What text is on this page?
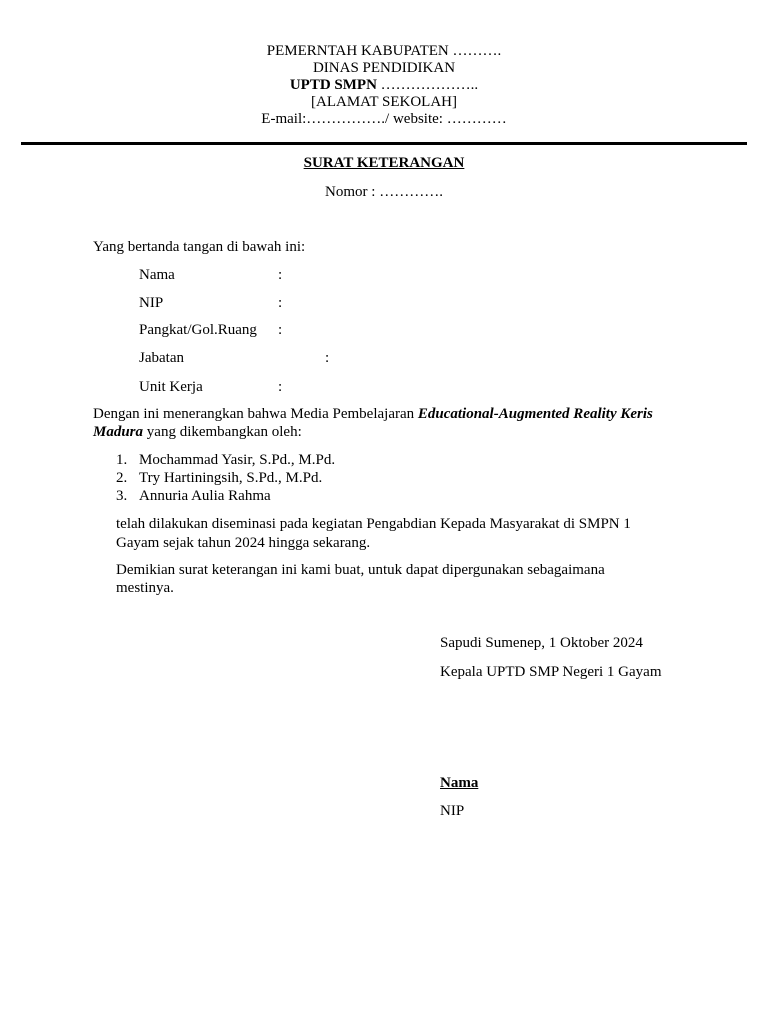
PEMERNTAH KABUPATEN ……….
DINAS PENDIDIKAN
UPTD SMPN ………………..
[ALAMAT SEKOLAH]
E-mail:……………./ website: …………
SURAT KETERANGAN
Nomor : ………….
Yang bertanda tangan di bawah ini:
Nama	:
NIP	:
Pangkat/Gol.Ruang :
Jabatan	:
Unit Kerja	:
Dengan ini menerangkan bahwa Media Pembelajaran Educational-Augmented Reality Keris
Madura yang dikembangkan oleh:
1. Mochammad Yasir, S.Pd., M.Pd.
2. Try Hartiningsih, S.Pd., M.Pd.
3. Annuria Aulia Rahma
telah dilakukan diseminasi pada kegiatan Pengabdian Kepada Masyarakat di SMPN 1
Gayam sejak tahun 2024 hingga sekarang.
Demikian surat keterangan ini kami buat, untuk dapat dipergunakan sebagaimana
mestinya.
Sapudi Sumenep, 1 Oktober 2024
Kepala UPTD SMP Negeri 1 Gayam
Nama
NIP
